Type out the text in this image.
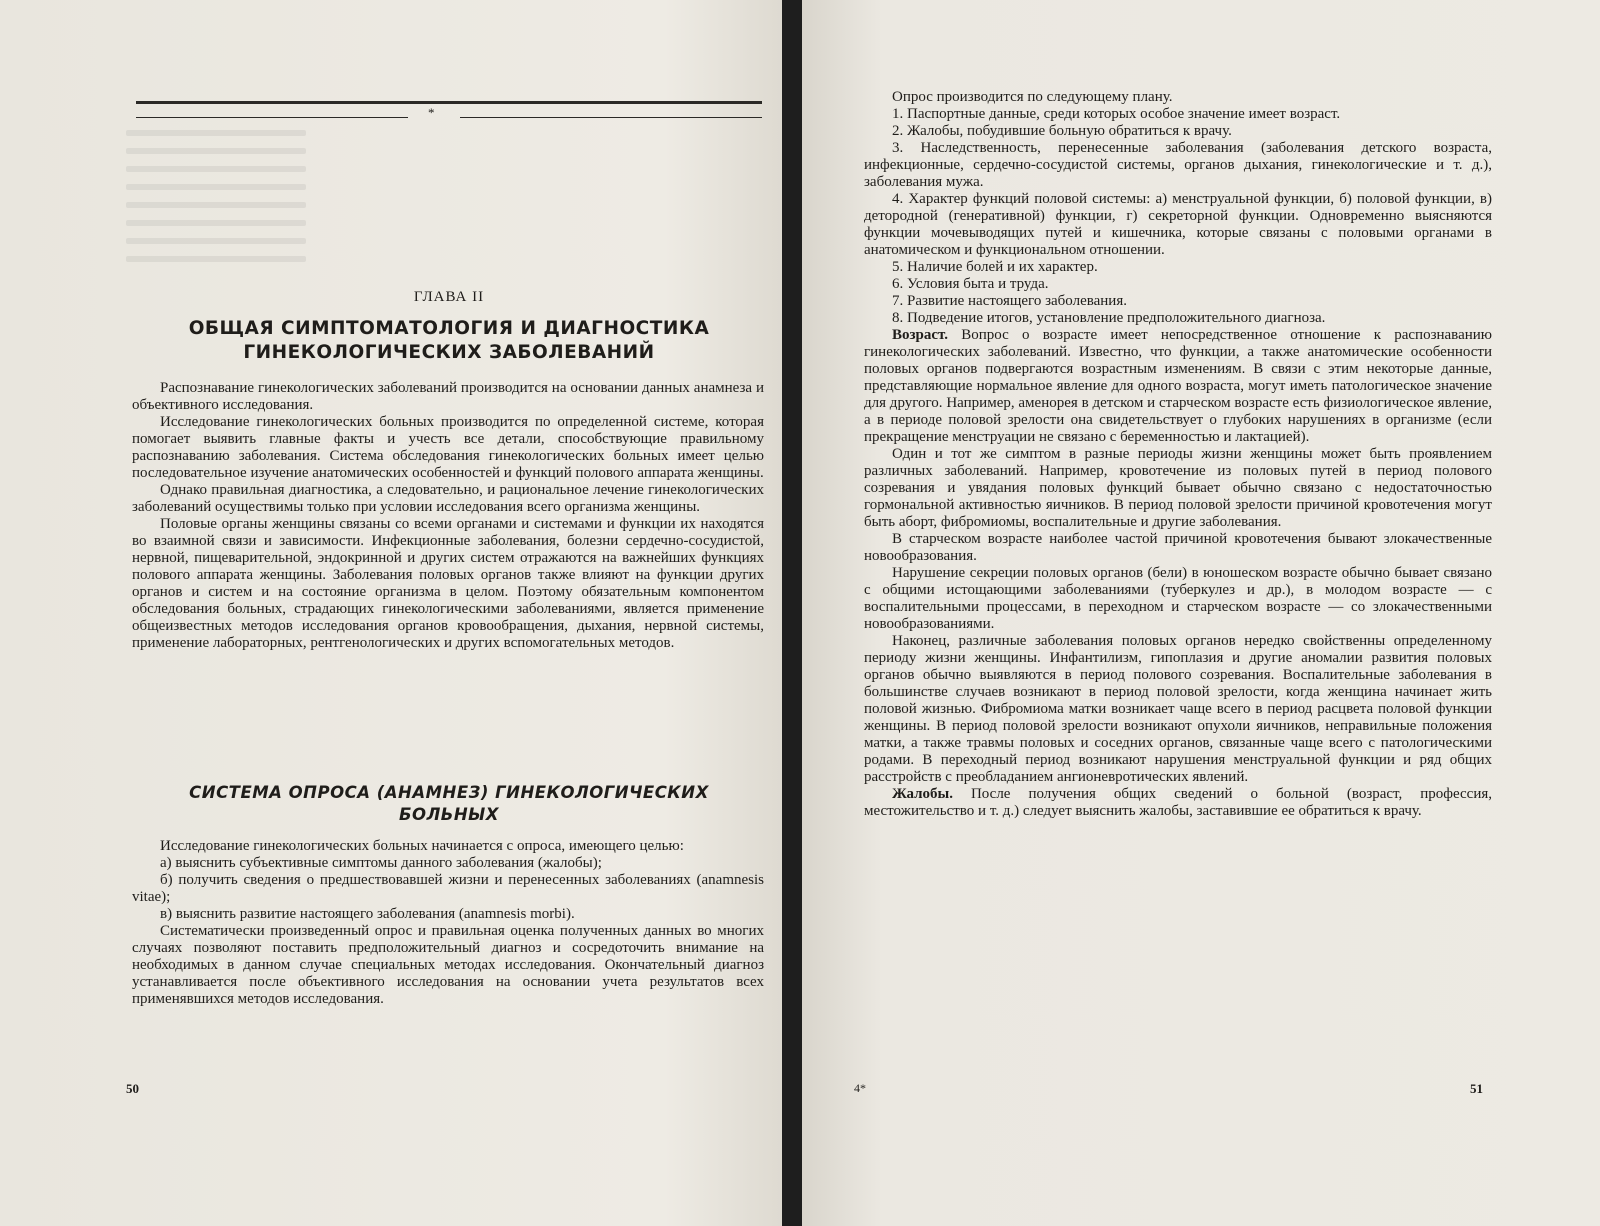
*
ГЛАВА II
ОБЩАЯ СИМПТОМАТОЛОГИЯ И ДИАГНОСТИКА
ГИНЕКОЛОГИЧЕСКИХ ЗАБОЛЕВАНИЙ

Распознавание гинекологических заболеваний производится на основании данных анамнеза и объективного исследования.

Исследование гинекологических больных производится по определенной системе, которая помогает выявить главные факты и учесть все детали, способствующие правильному распознаванию заболевания. Система обследования гинекологических больных имеет целью последовательное изучение анатомических особенностей и функций полового аппарата женщины.

Однако правильная диагностика, а следовательно, и рациональное лечение гинекологических заболеваний осуществимы только при условии исследования всего организма женщины.

Половые органы женщины связаны со всеми органами и системами и функции их находятся во взаимной связи и зависимости. Инфекционные заболевания, болезни сердечно-сосудистой, нервной, пищеварительной, эндокринной и других систем отражаются на важнейших функциях полового аппарата женщины. Заболевания половых органов также влияют на функции других органов и систем и на состояние организма в целом. Поэтому обязательным компонентом обследования больных, страдающих гинекологическими заболеваниями, является применение общеизвестных методов исследования органов кровообращения, дыхания, нервной системы, применение лабораторных, рентгенологических и других вспомогательных методов.

СИСТЕМА ОПРОСА (АНАМНЕЗ) ГИНЕКОЛОГИЧЕСКИХ
БОЛЬНЫХ

Исследование гинекологических больных начинается с опроса, имеющего целью:

а) выяснить субъективные симптомы данного заболевания (жалобы);

б) получить сведения о предшествовавшей жизни и перенесенных заболеваниях (anamnesis vitae);

в) выяснить развитие настоящего заболевания (anamnesis morbi).

Систематически произведенный опрос и правильная оценка полученных данных во многих случаях позволяют поставить предположительный диагноз и сосредоточить внимание на необходимых в данном случае специальных методах исследования. Окончательный диагноз устанавливается после объективного исследования на основании учета результатов всех применявшихся методов исследования.

50

Опрос производится по следующему плану.

1. Паспортные данные, среди которых особое значение имеет возраст.

2. Жалобы, побудившие больную обратиться к врачу.

3. Наследственность, перенесенные заболевания (заболевания детского возраста, инфекционные, сердечно-сосудистой системы, органов дыхания, гинекологические и т. д.), заболевания мужа.

4. Характер функций половой системы: а) менструальной функции, б) половой функции, в) детородной (генеративной) функции, г) секреторной функции. Одновременно выясняются функции мочевыводящих путей и кишечника, которые связаны с половыми органами в анатомическом и функциональном отношении.

5. Наличие болей и их характер.

6. Условия быта и труда.

7. Развитие настоящего заболевания.

8. Подведение итогов, установление предположительного диагноза.

Возраст. Вопрос о возрасте имеет непосредственное отношение к распознаванию гинекологических заболеваний. Известно, что функции, а также анатомические особенности половых органов подвергаются возрастным изменениям. В связи с этим некоторые данные, представляющие нормальное явление для одного возраста, могут иметь патологическое значение для другого. Например, аменорея в детском и старческом возрасте есть физиологическое явление, а в периоде половой зрелости она свидетельствует о глубоких нарушениях в организме (если прекращение менструации не связано с беременностью и лактацией).

Один и тот же симптом в разные периоды жизни женщины может быть проявлением различных заболеваний. Например, кровотечение из половых путей в период полового созревания и увядания половых функций бывает обычно связано с недостаточностью гормональной активностью яичников. В период половой зрелости причиной кровотечения могут быть аборт, фибромиомы, воспалительные и другие заболевания.

В старческом возрасте наиболее частой причиной кровотечения бывают злокачественные новообразования.

Нарушение секреции половых органов (бели) в юношеском возрасте обычно бывает связано с общими истощающими заболеваниями (туберкулез и др.), в молодом возрасте — с воспалительными процессами, в переходном и старческом возрасте — со злокачественными новообразованиями.

Наконец, различные заболевания половых органов нередко свойственны определенному периоду жизни женщины. Инфантилизм, гипоплазия и другие аномалии развития половых органов обычно выявляются в период полового созревания. Воспалительные заболевания в большинстве случаев возникают в период половой зрелости, когда женщина начинает жить половой жизнью. Фибромиома матки возникает чаще всего в период расцвета половой функции женщины. В период половой зрелости возникают опухоли яичников, неправильные положения матки, а также травмы половых и соседних органов, связанные чаще всего с патологическими родами. В переходный период возникают нарушения менструальной функции и ряд общих расстройств с преобладанием ангионевротических явлений.

Жалобы. После получения общих сведений о больной (возраст, профессия, местожительство и т. д.) следует выяснить жалобы, заставившие ее обратиться к врачу.

4*	51
